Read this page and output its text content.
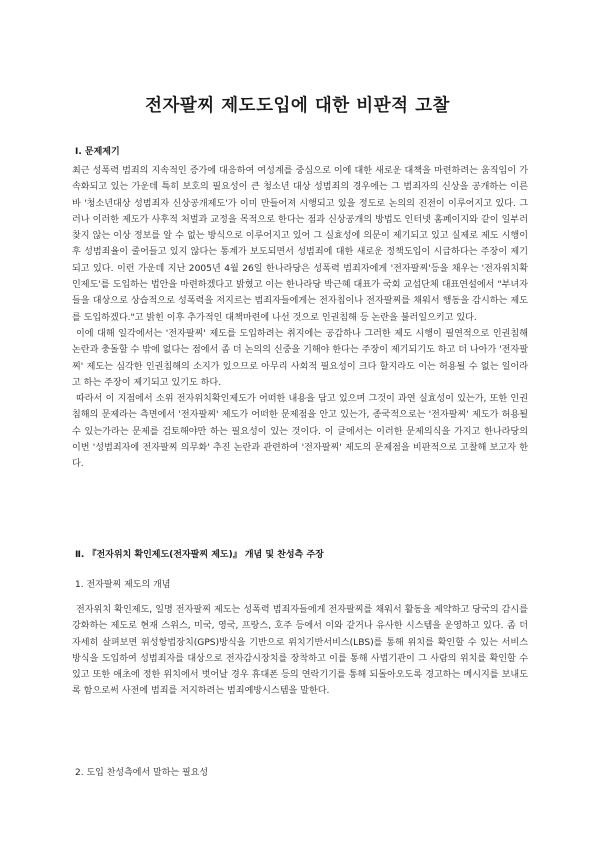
전자팔찌 제도도입에 대한 비판적 고찰
Ⅰ. 문제제기

최근 성폭력 범죄의 지속적인 증가에 대응하여 여성계를 중심으로 이에 대한 새로운 대책을 마련하려는 움직임이 가속화되고 있는 가운데 특히 보호의 필요성이 큰 청소년 대상 성범죄의 경우에는 그 범죄자의 신상을 공개하는 이른바 '청소년대상 성범죄자 신상공개제도'가 이미 만들어져 시행되고 있을 정도로 논의의 진전이 이루어지고 있다. 그러나 이러한 제도가 사후적 처벌과 교정을 목적으로 한다는 점과 신상공개의 방법도 인터넷 홈페이지와 같이 일부러 찾지 않는 이상 정보를 알 수 없는 방식으로 이루어지고 있어 그 실효성에 의문이 제기되고 있고 실제로 제도 시행이후 성범죄율이 줄어들고 있지 않다는 통계가 보도되면서 성범죄에 대한 새로운 정책도입이 시급하다는 주장이 제기되고 있다. 이런 가운데 지난 2005년 4월 26일 한나라당은 성폭력 범죄자에게 '전자팔찌'등을 채우는 '전자위치확인제도'를 도입하는 법안을 마련하겠다고 밝혔고 이는 한나라당 박근혜 대표가 국회 교섭단체 대표연설에서 "부녀자들을 대상으로 상습적으로 성폭력을 저지르는 범죄자들에게는 전자칩이나 전자팔찌를 채워서 행동을 감시하는 제도를 도입하겠다."고 밝힌 이후 추가적인 대책마련에 나선 것으로 인권침해 등 논란을 불러일으키고 있다.

이에 대해 일각에서는 '전자팔찌' 제도를 도입하려는 취지에는 공감하나 그러한 제도 시행이 필연적으로 인권침해 논란과 충돌할 수 밖에 없다는 점에서 좀 더 논의의 신중을 기해야 한다는 주장이 제기되기도 하고 더 나아가 '전자팔찌' 제도는 심각한 인권침해의 소지가 있으므로 아무리 사회적 필요성이 크다 할지라도 이는 허용될 수 없는 일이라고 하는 주장이 제기되고 있기도 하다.

따라서 이 지점에서 소위 전자위치확인제도가 어떠한 내용을 담고 있으며 그것이 과연 실효성이 있는가, 또한 인권침해의 문제라는 측면에서 '전자팔찌' 제도가 어떠한 문제점을 안고 있는가, 종국적으로는 '전자팔찌' 제도가 허용될 수 있는가라는 문제를 검토해야만 하는 필요성이 있는 것이다. 이 글에서는 이러한 문제의식을 가지고 한나라당의 이번 '성범죄자에 전자팔찌 의무화' 추진 논란과 관련하여 '전자팔찌' 제도의 문제점을 비판적으로 고찰해 보고자 한다.

Ⅱ. 『전자위치 확인제도(전자팔찌 제도)』 개념 및 찬성측 주장
1. 전자팔찌 제도의 개념

전자위치 확인제도, 일명 전자팔찌 제도는 성폭력 범죄자들에게 전자팔찌를 채워서 활동을 제약하고 당국의 감시를 강화하는 제도로 현재 스위스, 미국, 영국, 프랑스, 호주 등에서 이와 같거나 유사한 시스템을 운영하고 있다. 좀 더 자세히 살펴보면 위성항법장치(GPS)방식을 기반으로 위치기반서비스(LBS)를 통해 위치를 확인할 수 있는 서비스방식을 도입하여 성범죄자를 대상으로 전자감시장치를 장착하고 이를 통해 사법기관이 그 사람의 위치를 확인할 수 있고 또한 애초에 정한 위치에서 벗어날 경우 휴대폰 등의 연락기기를 통해 되돌아오도록 경고하는 메시지를 보내도록 함으로써 사전에 범죄를 저지하려는 범죄예방시스템을 말한다.

2. 도입 찬성측에서 말하는 필요성
